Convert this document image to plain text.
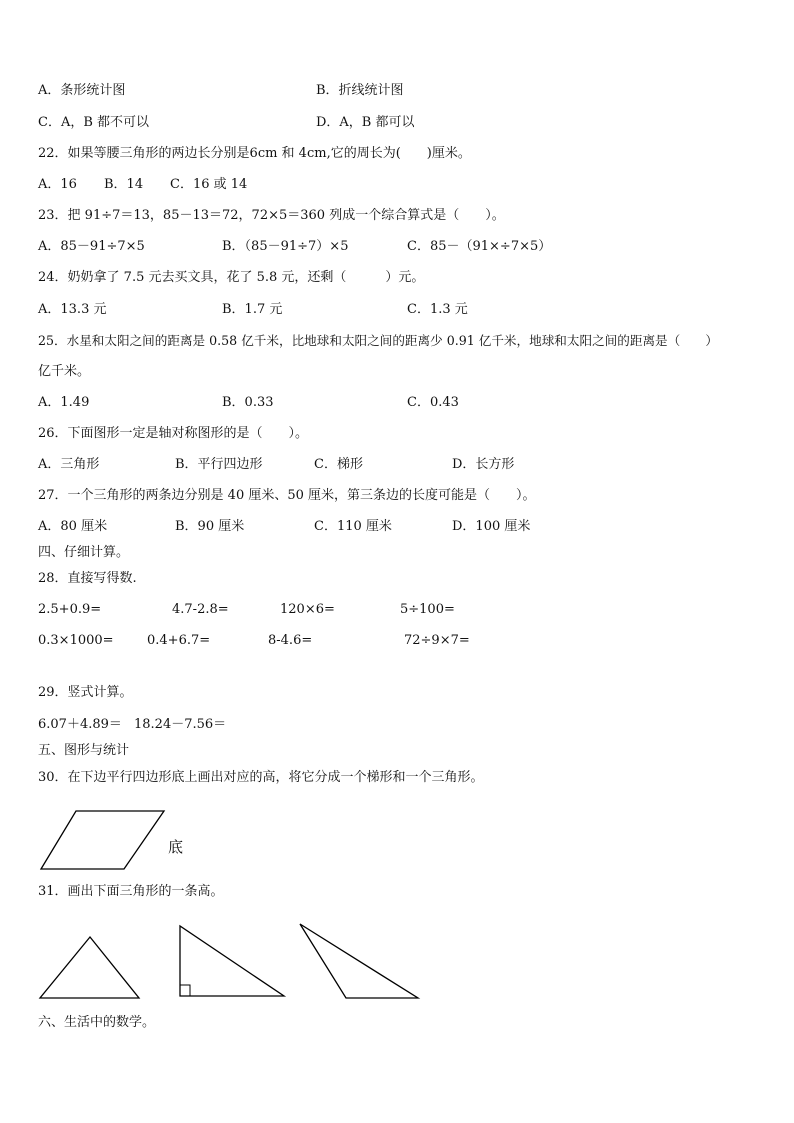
A．条形统计图	B．折线统计图
C．A，B 都不可以	D．A，B 都可以
22．如果等腰三角形的两边长分别是6cm 和 4cm,它的周长为(　　)厘米。
A．16 B．14 C．16 或 14
23．把 91÷7＝13，85－13＝72，72×5＝360 列成一个综合算式是（　　）。
A．85－91÷7×5	B．（85－91÷7）×5	C．85－（91×÷7×5）
24．奶奶拿了 7.5 元去买文具，花了 5.8 元，还剩（　　　）元。
A．13.3 元	B．1.7 元	C．1.3 元
25．水星和太阳之间的距离是 0.58 亿千米，比地球和太阳之间的距离少 0.91 亿千米，地球和太阳之间的距离是（　　）
亿千米。
A．1.49	B．0.33	C．0.43
26．下面图形一定是轴对称图形的是（　　）。
A．三角形	B．平行四边形	C．梯形	D．长方形
27．一个三角形的两条边分别是 40 厘米、50 厘米，第三条边的长度可能是（　　）。
A．80 厘米	B．90 厘米	C．110 厘米	D．100 厘米
四、仔细计算。
28．直接写得数.
2.5+0.9=	4.7-2.8=	120×6=	5÷100=
0.3×1000=	0.4+6.7=	8-4.6=	72÷9×7=
29．竖式计算。
6.07＋4.89＝ 18.24－7.56＝
五、图形与统计
30．在下边平行四边形底上画出对应的高，将它分成一个梯形和一个三角形。
底
31．画出下面三角形的一条高。
六、生活中的数学。
